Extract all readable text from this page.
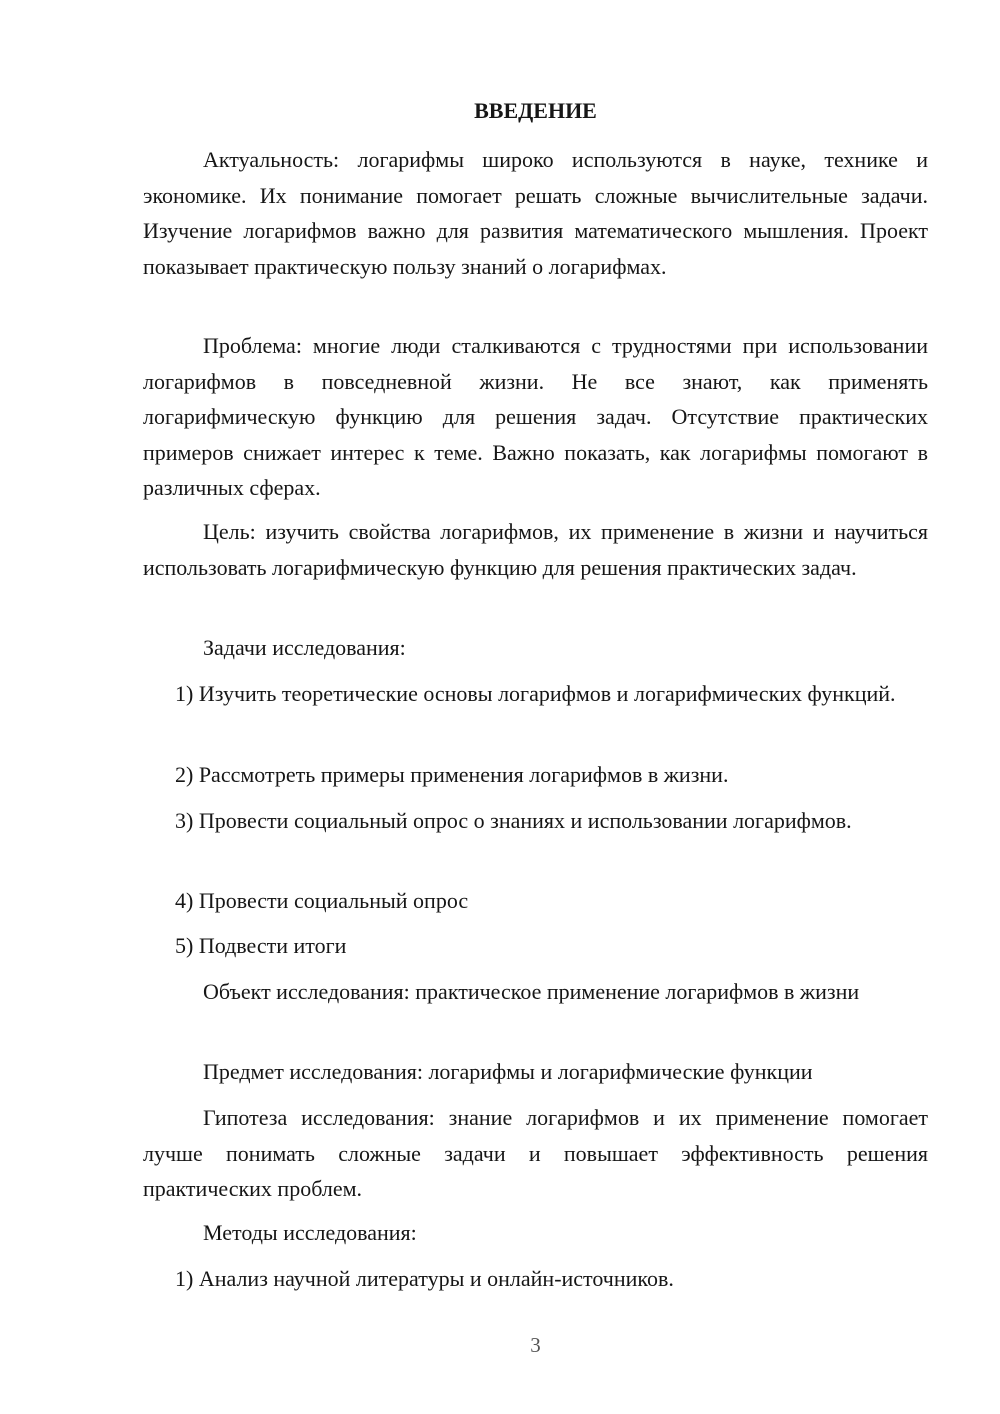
ВВЕДЕНИЕ

Актуальность: логарифмы широко используются в науке, технике и экономике. Их понимание помогает решать сложные вычислительные задачи. Изучение логарифмов важно для развития математического мышления. Проект показывает практическую пользу знаний о логарифмах.

Проблема: многие люди сталкиваются с трудностями при использовании логарифмов в повседневной жизни. Не все знают, как применять логарифмическую функцию для решения задач. Отсутствие практических примеров снижает интерес к теме. Важно показать, как логарифмы помогают в различных сферах.

Цель: изучить свойства логарифмов, их применение в жизни и научиться использовать логарифмическую функцию для решения практических задач.

Задачи исследования:

1) Изучить теоретические основы логарифмов и логарифмических функций.

2) Рассмотреть примеры применения логарифмов в жизни.

3) Провести социальный опрос о знаниях и использовании логарифмов.

4) Провести социальный опрос

5) Подвести итоги

Объект исследования: практическое применение логарифмов в жизни

Предмет исследования: логарифмы и логарифмические функции

Гипотеза исследования: знание логарифмов и их применение помогает лучше понимать сложные задачи и повышает эффективность решения практических проблем.

Методы исследования:

1) Анализ научной литературы и онлайн-источников.

3
